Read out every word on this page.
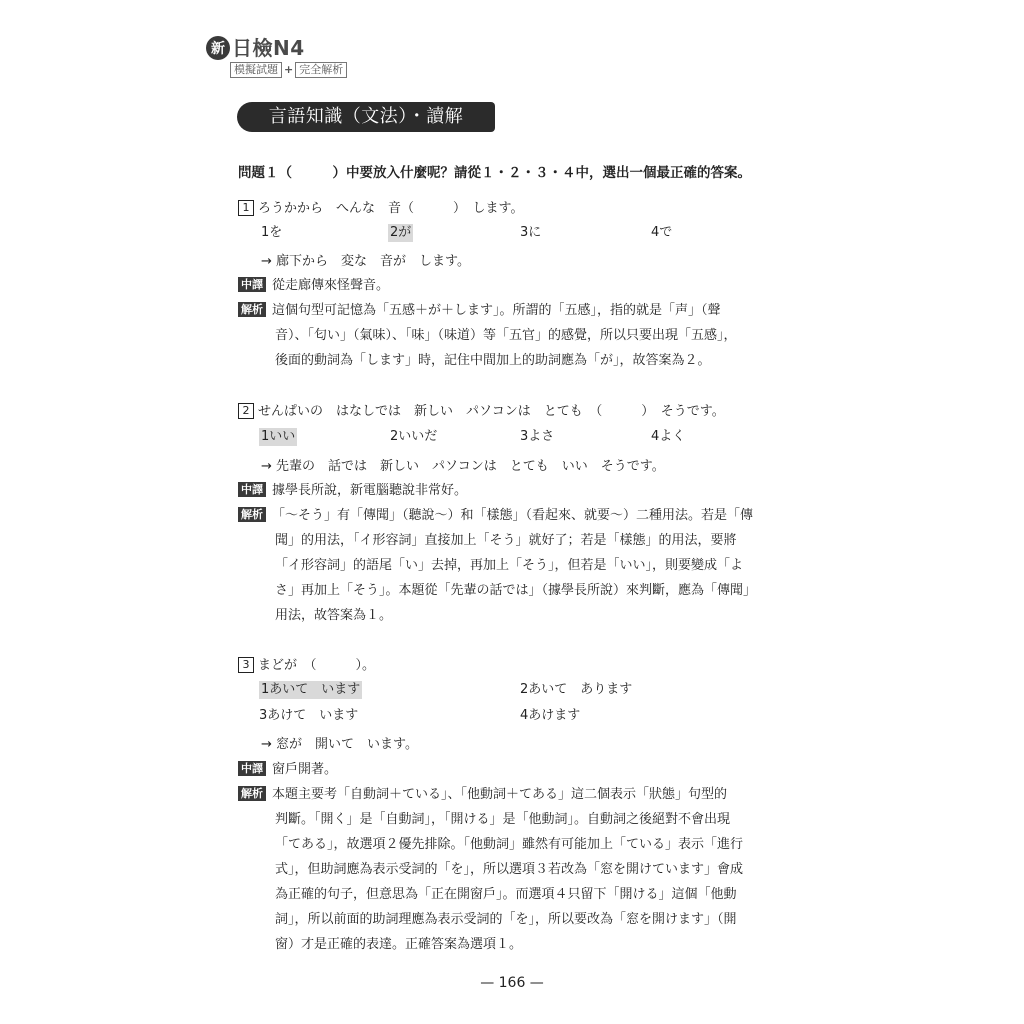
新 日檢N4
模擬試題 + 完全解析
言語知識（文法）・讀解
問題１（　　　）中要放入什麼呢？請從１・２・３・４中，選出一個最正確的答案。
1 ろうかから　へんな　音（　　　）　します。
1を	2が	3に	4で
→ 廊下から　変な　音が　します。
中譯 從走廊傳來怪聲音。
解析 這個句型可記憶為「五感＋が＋します」。所謂的「五感」，指的就是「声」（聲
音）、「匂い」（氣味）、「味」（味道）等「五官」的感覺，所以只要出現「五感」，
後面的動詞為「します」時，記住中間加上的助詞應為「が」，故答案為２。
2 せんぱいの　はなしでは　新しい　パソコンは　とても　（　　　）　そうです。
1いい	2いいだ	3よさ	4よく
→ 先輩の　話では　新しい　パソコンは　とても　いい　そうです。
中譯 據學長所說，新電腦聽說非常好。
解析 「～そう」有「傳聞」（聽說～）和「樣態」（看起來、就要～）二種用法。若是「傳
聞」的用法，「イ形容詞」直接加上「そう」就好了；若是「樣態」的用法，要將
「イ形容詞」的語尾「い」去掉，再加上「そう」，但若是「いい」，則要變成「よ
さ」再加上「そう」。本題從「先輩の話では」（據學長所說）來判斷，應為「傳聞」
用法，故答案為１。
3 まどが　（　　　）。
1あいて　います	2あいて　あります
3あけて　います	4あけます
→ 窓が　開いて　います。
中譯 窗戶開著。
解析 本題主要考「自動詞＋ている」、「他動詞＋てある」這二個表示「狀態」句型的
判斷。「開く」是「自動詞」，「開ける」是「他動詞」。自動詞之後絕對不會出現
「てある」，故選項２優先排除。「他動詞」雖然有可能加上「ている」表示「進行
式」，但助詞應為表示受詞的「を」，所以選項３若改為「窓を開けています」會成
為正確的句子，但意思為「正在開窗戶」。而選項４只留下「開ける」這個「他動
詞」，所以前面的助詞理應為表示受詞的「を」，所以要改為「窓を開けます」（開
窗）才是正確的表達。正確答案為選項１。
— 166 —
